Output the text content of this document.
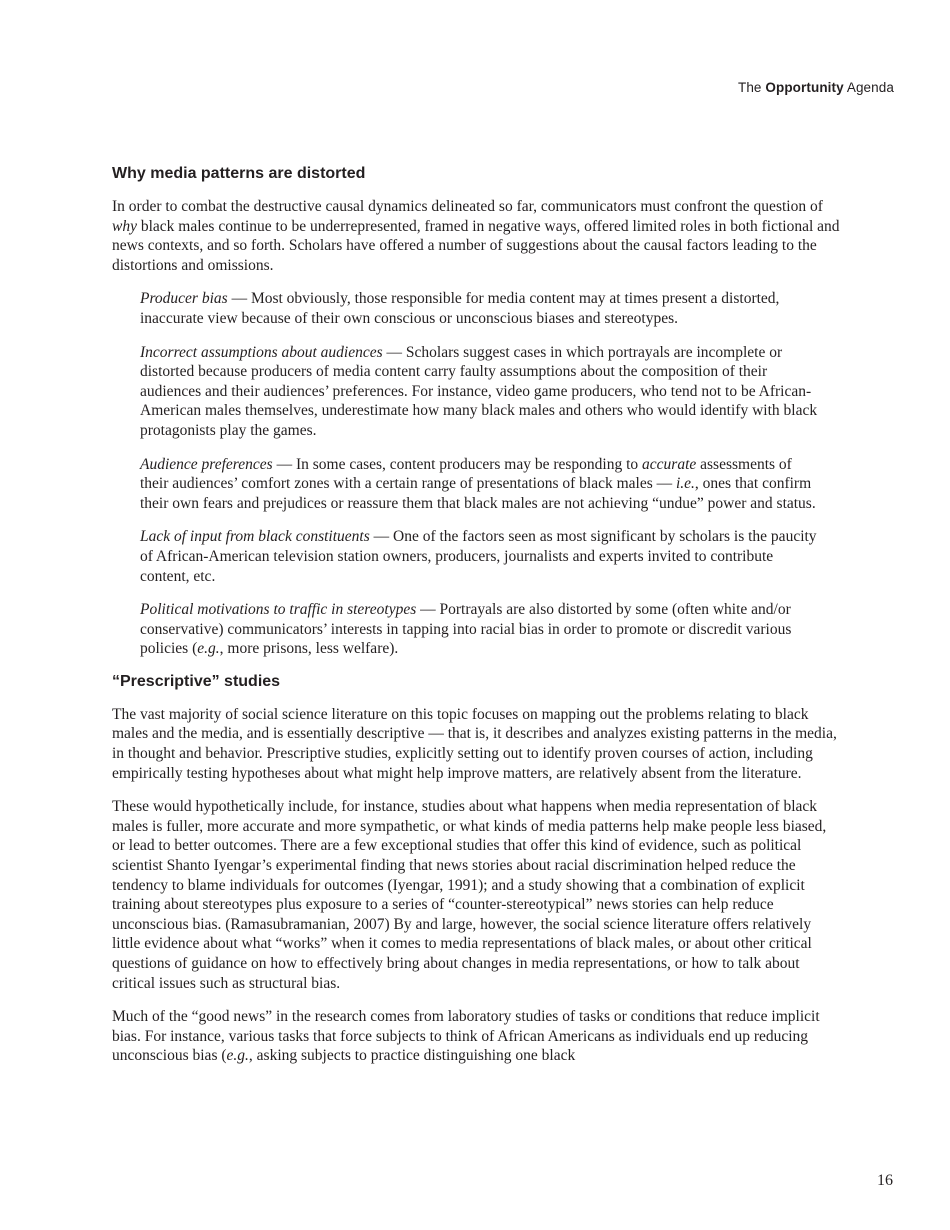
The Opportunity Agenda
Why media patterns are distorted

In order to combat the destructive causal dynamics delineated so far, communicators must confront the question of why black males continue to be underrepresented, framed in negative ways, offered limited roles in both fictional and news contexts, and so forth. Scholars have offered a number of suggestions about the causal factors leading to the distortions and omissions.

Producer bias — Most obviously, those responsible for media content may at times present a distorted, inaccurate view because of their own conscious or unconscious biases and stereotypes.

Incorrect assumptions about audiences — Scholars suggest cases in which portrayals are incomplete or distorted because producers of media content carry faulty assumptions about the composition of their audiences and their audiences’ preferences. For instance, video game producers, who tend not to be African-American males themselves, underestimate how many black males and others who would identify with black protagonists play the games.

Audience preferences — In some cases, content producers may be responding to accurate assessments of their audiences’ comfort zones with a certain range of presentations of black males — i.e., ones that confirm their own fears and prejudices or reassure them that black males are not achieving “undue” power and status.

Lack of input from black constituents — One of the factors seen as most significant by scholars is the paucity of African-American television station owners, producers, journalists and experts invited to contribute content, etc.

Political motivations to traffic in stereotypes — Portrayals are also distorted by some (often white and/or conservative) communicators’ interests in tapping into racial bias in order to promote or discredit various policies (e.g., more prisons, less welfare).

“Prescriptive” studies

The vast majority of social science literature on this topic focuses on mapping out the problems relating to black males and the media, and is essentially descriptive — that is, it describes and analyzes existing patterns in the media, in thought and behavior. Prescriptive studies, explicitly setting out to identify proven courses of action, including empirically testing hypotheses about what might help improve matters, are relatively absent from the literature.

These would hypothetically include, for instance, studies about what happens when media representation of black males is fuller, more accurate and more sympathetic, or what kinds of media patterns help make people less biased, or lead to better outcomes. There are a few exceptional studies that offer this kind of evidence, such as political scientist Shanto Iyengar’s experimental finding that news stories about racial discrimination helped reduce the tendency to blame individuals for outcomes (Iyengar, 1991); and a study showing that a combination of explicit training about stereotypes plus exposure to a series of “counter-stereotypical” news stories can help reduce unconscious bias. (Ramasubramanian, 2007) By and large, however, the social science literature offers relatively little evidence about what “works” when it comes to media representations of black males, or about other critical questions of guidance on how to effectively bring about changes in media representations, or how to talk about critical issues such as structural bias.

Much of the “good news” in the research comes from laboratory studies of tasks or conditions that reduce implicit bias. For instance, various tasks that force subjects to think of African Americans as individuals end up reducing unconscious bias (e.g., asking subjects to practice distinguishing one black

16
